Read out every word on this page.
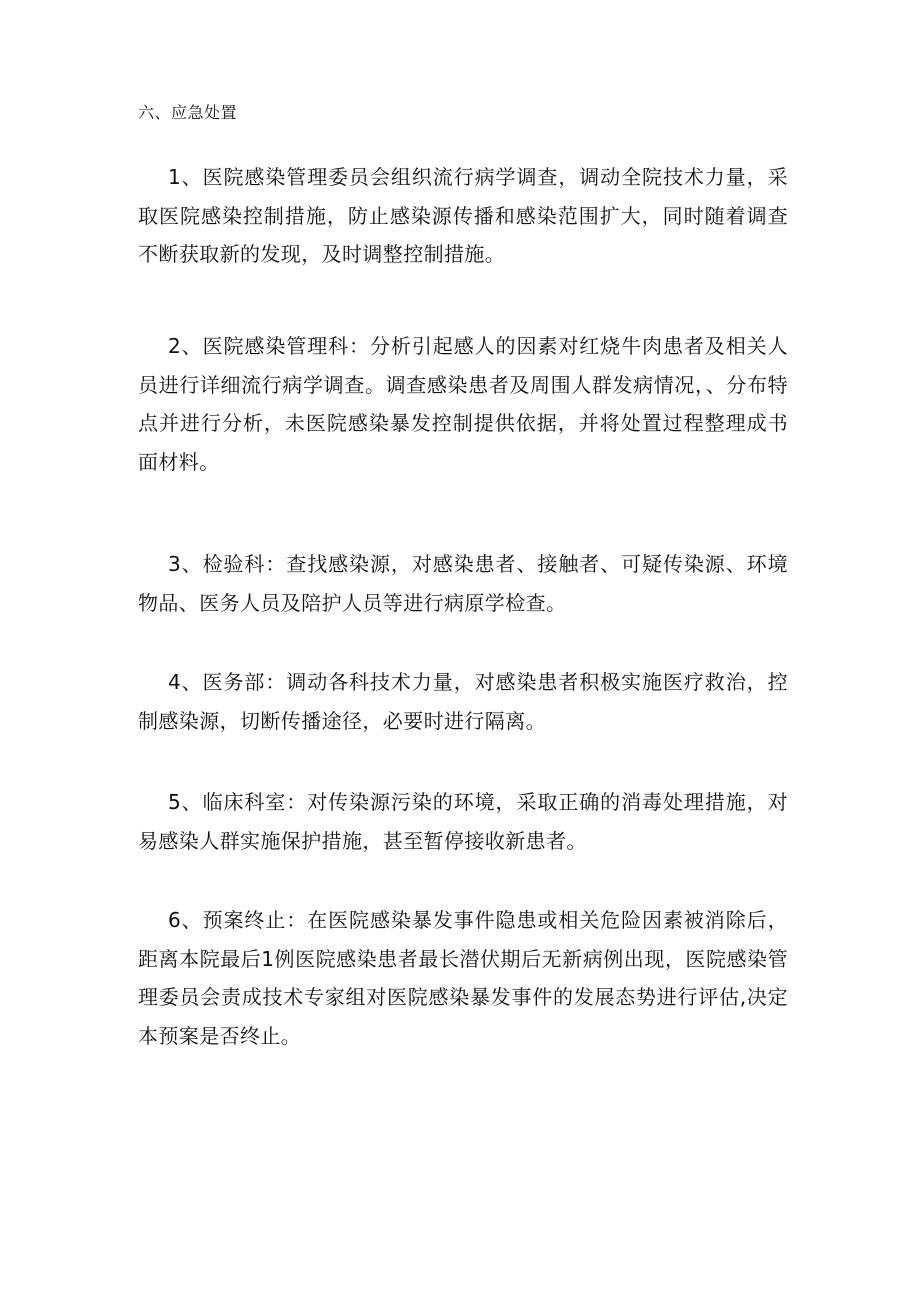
六、应急处置

1、医院感染管理委员会组织流行病学调查，调动全院技术力量，采取医院感染控制措施，防止感染源传播和感染范围扩大，同时随着调查不断获取新的发现，及时调整控制措施。

2、医院感染管理科：分析引起感人的因素对红烧牛肉患者及相关人员进行详细流行病学调查。调查感染患者及周围人群发病情况，、分布特点并进行分析，未医院感染暴发控制提供依据，并将处置过程整理成书面材料。

3、检验科：查找感染源，对感染患者、接触者、可疑传染源、环境物品、医务人员及陪护人员等进行病原学检查。

4、医务部：调动各科技术力量，对感染患者积极实施医疗救治，控制感染源，切断传播途径，必要时进行隔离。

5、临床科室：对传染源污染的环境，采取正确的消毒处理措施，对易感染人群实施保护措施，甚至暂停接收新患者。

6、预案终止：在医院感染暴发事件隐患或相关危险因素被消除后，距离本院最后1例医院感染患者最长潜伏期后无新病例出现，医院感染管理委员会责成技术专家组对医院感染暴发事件的发展态势进行评估,决定本预案是否终止。
